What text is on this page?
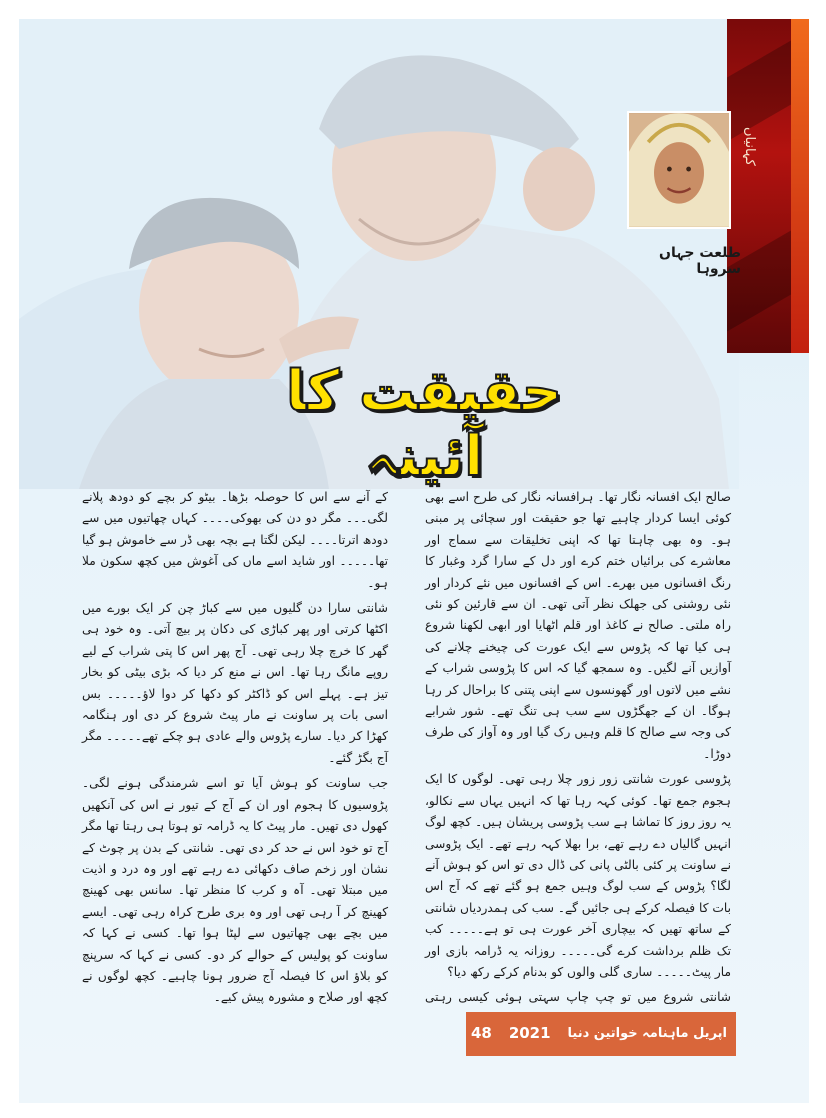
کہانیاں
طلعت جہاں سروہا
حقیقت کا آئینہ

صالح ایک افسانہ نگار تھا۔ ہرافسانہ نگار کی طرح اسے بھی کوئی ایسا کردار چاہیے تھا جو حقیقت اور سچائی پر مبنی ہو۔ وہ بھی چاہتا تھا کہ اپنی تخلیقات سے سماج اور معاشرے کی برائیاں ختم کرے اور دل کے سارا گرد وغبار کا رنگ افسانوں میں بھرے۔ اس کے افسانوں میں نئے کردار اور نئی روشنی کی جھلک نظر آتی تھی۔ ان سے قارئین کو نئی راہ ملتی۔ صالح نے کاغذ اور قلم اٹھایا اور ابھی لکھنا شروع ہی کیا تھا کہ پڑوس سے ایک عورت کی چیخنے چلانے کی آوازیں آنے لگیں۔ وہ سمجھ گیا کہ اس کا پڑوسی شراب کے نشے میں لاتوں اور گھونسوں سے اپنی پتنی کا براحال کر رہا ہوگا۔ ان کے جھگڑوں سے سب ہی تنگ تھے۔ شور شرابے کی وجہ سے صالح کا قلم وہیں رک گیا اور وہ آواز کی طرف دوڑا۔

پڑوسی عورت شانتی زور زور چلا رہی تھی۔ لوگوں کا ایک ہجوم جمع تھا۔ کوئی کہہ رہا تھا کہ انہیں یہاں سے نکالو، یہ روز روز کا تماشا ہے سب پڑوسی پریشان ہیں۔ کچھ لوگ انہیں گالیاں دے رہے تھے، برا بھلا کہہ رہے تھے۔ ایک پڑوسی نے ساونت پر کئی بالٹی پانی کی ڈال دی تو اس کو ہوش آنے لگا؟ پڑوس کے سب لوگ وہیں جمع ہو گئے تھے کہ آج اس بات کا فیصلہ کرکے ہی جائیں گے۔ سب کی ہمدردیاں شانتی کے ساتھ تھیں کہ بیچاری آخر عورت ہی تو ہے۔۔۔۔۔ کب تک ظلم برداشت کرے گی۔۔۔۔۔ روزانہ یہ ڈرامہ بازی اور مار پیٹ۔۔۔۔۔ ساری گلی والوں کو بدنام کرکے رکھ دیا؟

شانتی شروع میں تو چپ چاپ سہتی ہوئی کیسی رہتی

کے آنے سے اس کا حوصلہ بڑھا۔ بیٹو کر بچے کو دودھ پلانے لگی۔۔۔ مگر دو دن کی بھوکی۔۔۔۔ کہاں چھاتیوں میں سے دودھ اترتا۔۔۔۔ لیکن لگتا ہے بچہ بھی ڈر سے خاموش ہو گیا تھا۔۔۔۔۔ اور شاید اسے ماں کی آغوش میں کچھ سکون ملا ہو۔

شانتی سارا دن گلیوں میں سے کباڑ چن کر ایک بورے میں اکٹھا کرتی اور پھر کباڑی کی دکان پر بیچ آتی۔ وہ خود ہی گھر کا خرچ چلا رہی تھی۔ آج پھر اس کا پتی شراب کے لیے روپے مانگ رہا تھا۔ اس نے منع کر دیا کہ بڑی بیٹی کو بخار تیز ہے۔ پہلے اس کو ڈاکٹر کو دکھا کر دوا لاؤ۔۔۔۔۔ بس اسی بات پر ساونت نے مار پیٹ شروع کر دی اور ہنگامہ کھڑا کر دیا۔ سارے پڑوس والے عادی ہو چکے تھے۔۔۔۔۔ مگر آج بگڑ گئے۔

جب ساونت کو ہوش آیا تو اسے شرمندگی ہونے لگی۔ پڑوسیوں کا ہجوم اور ان کے آج کے تیور نے اس کی آنکھیں کھول دی تھیں۔ مار پیٹ کا یہ ڈرامہ تو ہوتا ہی رہتا تھا مگر آج تو خود اس نے حد کر دی تھی۔ شانتی کے بدن پر چوٹ کے نشان اور زخم صاف دکھائی دے رہے تھے اور وہ درد و اذیت میں مبتلا تھی۔ آہ و کرب کا منظر تھا۔ سانس بھی کھینچ کھینچ کر آ رہی تھی اور وہ بری طرح کراہ رہی تھی۔ ایسے میں بچے بھی چھاتیوں سے لپٹا ہوا تھا۔ کسی نے کہا کہ ساونت کو پولیس کے حوالے کر دو۔ کسی نے کہا کہ سرپنچ کو بلاؤ اس کا فیصلہ آج ضرور ہونا چاہیے۔ کچھ لوگوں نے کچھ اور صلاح و مشورہ پیش کیے۔

48 2021 اپریل ماہنامہ خواتین دنیا
